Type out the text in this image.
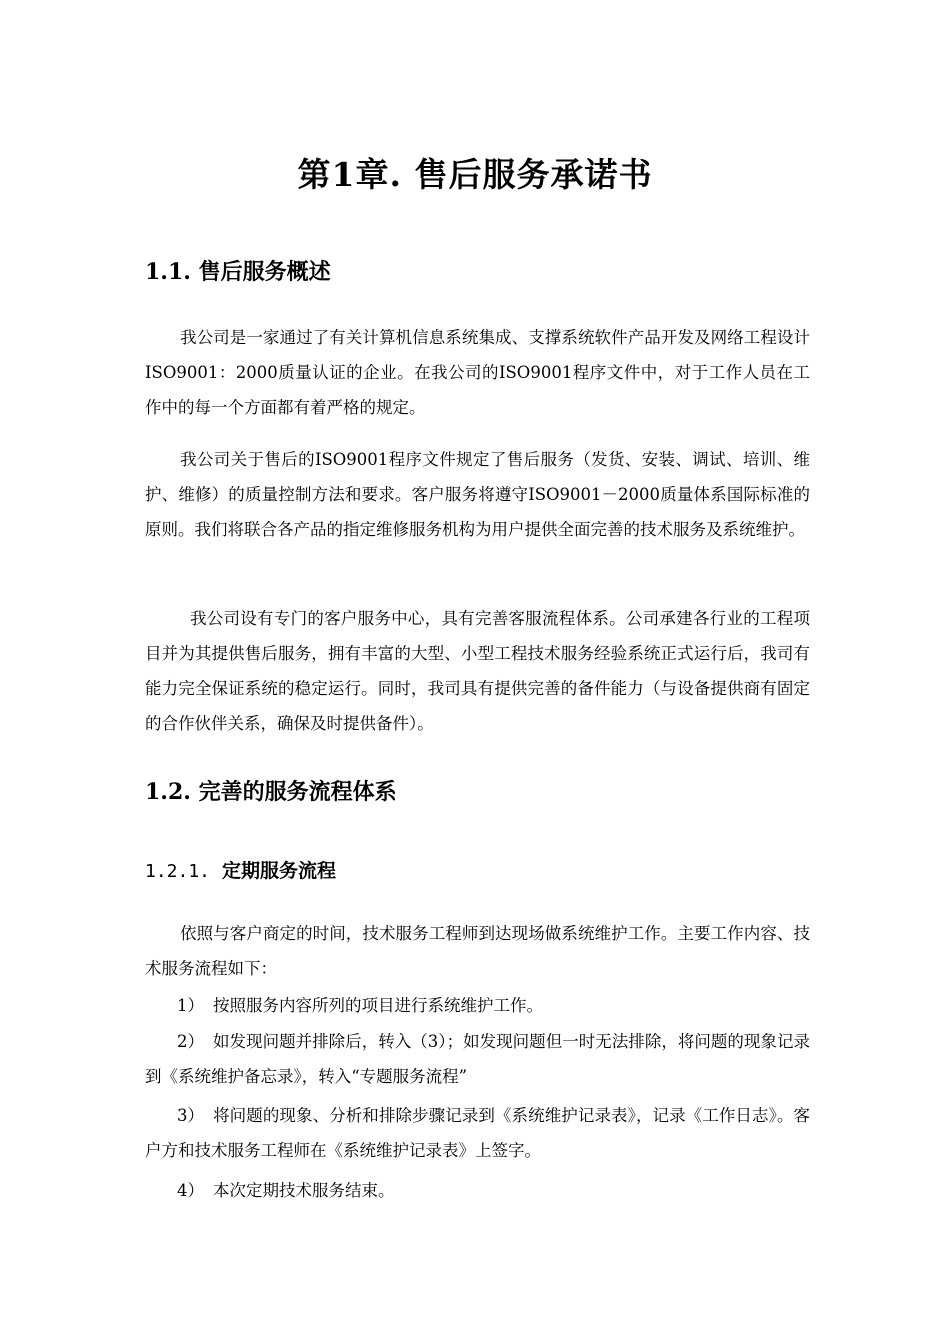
第1章. 售后服务承诺书
1.1. 售后服务概述

我公司是一家通过了有关计算机信息系统集成、支撑系统软件产品开发及网络工程设计ISO9001：2000质量认证的企业。在我公司的ISO9001程序文件中，对于工作人员在工作中的每一个方面都有着严格的规定。

我公司关于售后的ISO9001程序文件规定了售后服务（发货、安装、调试、培训、维护、维修）的质量控制方法和要求。客户服务将遵守ISO9001－2000质量体系国际标准的原则。我们将联合各产品的指定维修服务机构为用户提供全面完善的技术服务及系统维护。

我公司设有专门的客户服务中心，具有完善客服流程体系。公司承建各行业的工程项目并为其提供售后服务，拥有丰富的大型、小型工程技术服务经验系统正式运行后，我司有能力完全保证系统的稳定运行。同时，我司具有提供完善的备件能力（与设备提供商有固定的合作伙伴关系，确保及时提供备件）。

1.2. 完善的服务流程体系
1.2.1. 定期服务流程

依照与客户商定的时间，技术服务工程师到达现场做系统维护工作。主要工作内容、技术服务流程如下：

1） 按照服务内容所列的项目进行系统维护工作。

2） 如发现问题并排除后，转入（3）；如发现问题但一时无法排除，将问题的现象记录到《系统维护备忘录》，转入“专题服务流程”

3） 将问题的现象、分析和排除步骤记录到《系统维护记录表》，记录《工作日志》。客户方和技术服务工程师在《系统维护记录表》上签字。

4） 本次定期技术服务结束。
